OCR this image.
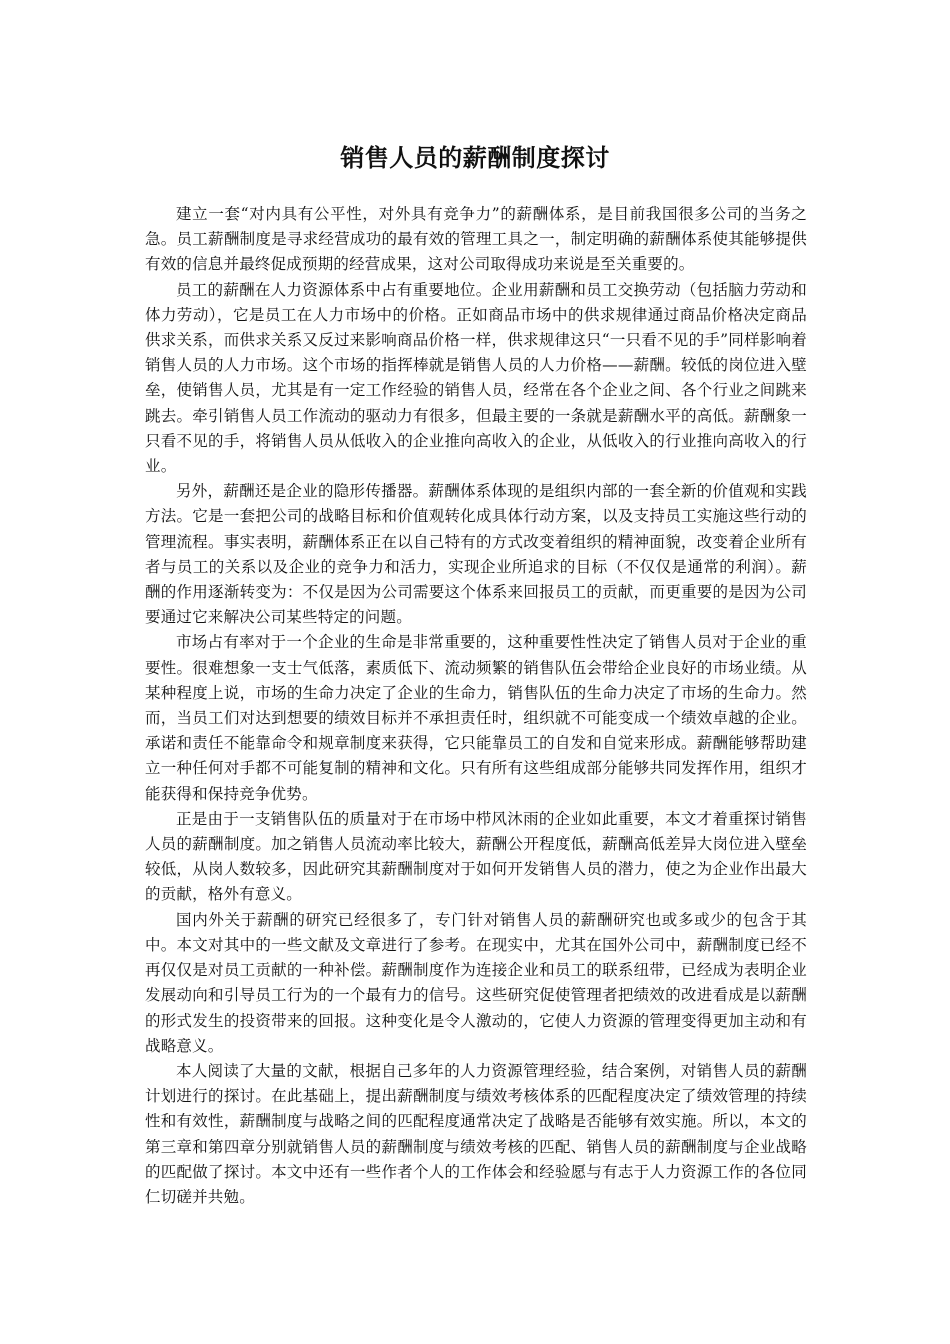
销售人员的薪酬制度探讨

建立一套“对内具有公平性，对外具有竞争力”的薪酬体系，是目前我国很多公司的当务之急。员工薪酬制度是寻求经营成功的最有效的管理工具之一，制定明确的薪酬体系使其能够提供有效的信息并最终促成预期的经营成果，这对公司取得成功来说是至关重要的。

员工的薪酬在人力资源体系中占有重要地位。企业用薪酬和员工交换劳动（包括脑力劳动和体力劳动），它是员工在人力市场中的价格。正如商品市场中的供求规律通过商品价格决定商品供求关系，而供求关系又反过来影响商品价格一样，供求规律这只“一只看不见的手”同样影响着销售人员的人力市场。这个市场的指挥棒就是销售人员的人力价格——薪酬。较低的岗位进入壁垒，使销售人员，尤其是有一定工作经验的销售人员，经常在各个企业之间、各个行业之间跳来跳去。牵引销售人员工作流动的驱动力有很多，但最主要的一条就是薪酬水平的高低。薪酬象一只看不见的手，将销售人员从低收入的企业推向高收入的企业，从低收入的行业推向高收入的行业。

另外，薪酬还是企业的隐形传播器。薪酬体系体现的是组织内部的一套全新的价值观和实践方法。它是一套把公司的战略目标和价值观转化成具体行动方案，以及支持员工实施这些行动的管理流程。事实表明，薪酬体系正在以自己特有的方式改变着组织的精神面貌，改变着企业所有者与员工的关系以及企业的竞争力和活力，实现企业所追求的目标（不仅仅是通常的利润）。薪酬的作用逐渐转变为：不仅是因为公司需要这个体系来回报员工的贡献，而更重要的是因为公司要通过它来解决公司某些特定的问题。

市场占有率对于一个企业的生命是非常重要的，这种重要性性决定了销售人员对于企业的重要性。很难想象一支士气低落，素质低下、流动频繁的销售队伍会带给企业良好的市场业绩。从某种程度上说，市场的生命力决定了企业的生命力，销售队伍的生命力决定了市场的生命力。然而，当员工们对达到想要的绩效目标并不承担责任时，组织就不可能变成一个绩效卓越的企业。承诺和责任不能靠命令和规章制度来获得，它只能靠员工的自发和自觉来形成。薪酬能够帮助建立一种任何对手都不可能复制的精神和文化。只有所有这些组成部分能够共同发挥作用，组织才能获得和保持竞争优势。

正是由于一支销售队伍的质量对于在市场中栉风沐雨的企业如此重要，本文才着重探讨销售人员的薪酬制度。加之销售人员流动率比较大，薪酬公开程度低，薪酬高低差异大岗位进入壁垒较低，从岗人数较多，因此研究其薪酬制度对于如何开发销售人员的潜力，使之为企业作出最大的贡献，格外有意义。

国内外关于薪酬的研究已经很多了，专门针对销售人员的薪酬研究也或多或少的包含于其中。本文对其中的一些文献及文章进行了参考。在现实中，尤其在国外公司中，薪酬制度已经不再仅仅是对员工贡献的一种补偿。薪酬制度作为连接企业和员工的联系纽带，已经成为表明企业发展动向和引导员工行为的一个最有力的信号。这些研究促使管理者把绩效的改进看成是以薪酬的形式发生的投资带来的回报。这种变化是令人激动的，它使人力资源的管理变得更加主动和有战略意义。

本人阅读了大量的文献，根据自己多年的人力资源管理经验，结合案例，对销售人员的薪酬计划进行的探讨。在此基础上，提出薪酬制度与绩效考核体系的匹配程度决定了绩效管理的持续性和有效性，薪酬制度与战略之间的匹配程度通常决定了战略是否能够有效实施。所以，本文的第三章和第四章分别就销售人员的薪酬制度与绩效考核的匹配、销售人员的薪酬制度与企业战略的匹配做了探讨。本文中还有一些作者个人的工作体会和经验愿与有志于人力资源工作的各位同仁切磋并共勉。
